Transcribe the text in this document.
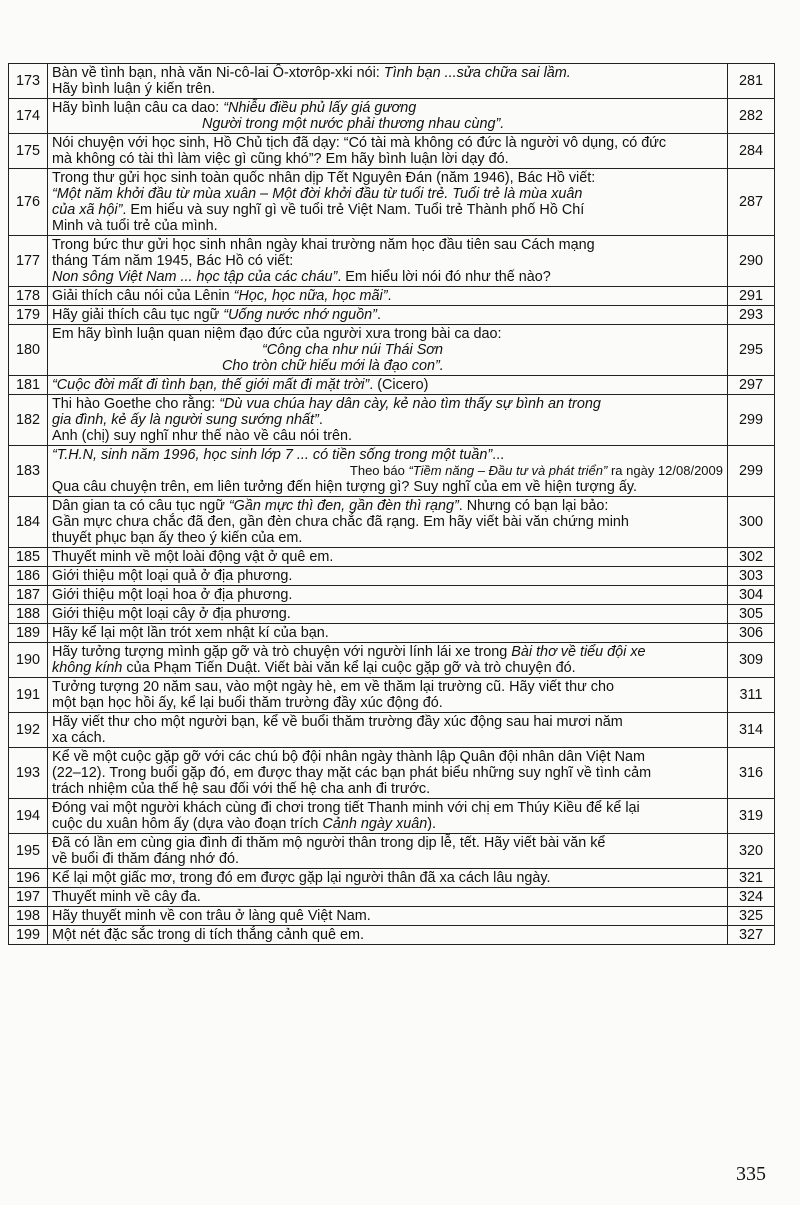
173	Bàn về tình bạn, nhà văn Ni-cô-lai Ô-xtơrôp-xki nói: Tình bạn ...sửa chữa sai lầm.
Hãy bình luận ý kiến trên.	281
174	Hãy bình luận câu ca dao: “Nhiễu điều phủ lấy giá gương
Người trong một nước phải thương nhau cùng”.	282
175	Nói chuyện với học sinh, Hồ Chủ tịch đã dạy: “Có tài mà không có đức là người vô dụng, có đức
mà không có tài thì làm việc gì cũng khó”? Em hãy bình luận lời dạy đó.	284
176	Trong thư gửi học sinh toàn quốc nhân dịp Tết Nguyên Đán (năm 1946), Bác Hồ viết:
“Một năm khởi đầu từ mùa xuân – Một đời khởi đầu từ tuổi trẻ. Tuổi trẻ là mùa xuân
của xã hội”. Em hiểu và suy nghĩ gì về tuổi trẻ Việt Nam. Tuổi trẻ Thành phố Hồ Chí
Minh và tuổi trẻ của mình.	287
177	Trong bức thư gửi học sinh nhân ngày khai trường năm học đầu tiên sau Cách mạng
tháng Tám năm 1945, Bác Hồ có viết:
Non sông Việt Nam ... học tập của các cháu”. Em hiểu lời nói đó như thế nào?	290
178	Giải thích câu nói của Lênin “Học, học nữa, học mãi”.	291
179	Hãy giải thích câu tục ngữ “Uống nước nhớ nguồn”.	293
180	Em hãy bình luận quan niệm đạo đức của người xưa trong bài ca dao:
“Công cha như núi Thái Sơn
Cho tròn chữ hiếu mới là đạo con”.	295
181	“Cuộc đời mất đi tình bạn, thế giới mất đi mặt trời”. (Cicero)	297
182	Thi hào Goethe cho rằng: “Dù vua chúa hay dân cày, kẻ nào tìm thấy sự bình an trong
gia đình, kẻ ấy là người sung sướng nhất”.
Anh (chị) suy nghĩ như thế nào về câu nói trên.	299
183	“T.H.N, sinh năm 1996, học sinh lớp 7 ... có tiền sống trong một tuần”...
Theo báo “Tiềm năng – Đầu tư và phát triển” ra ngày 12/08/2009
Qua câu chuyện trên, em liên tưởng đến hiện tượng gì? Suy nghĩ của em về hiện tượng ấy.	299
184	Dân gian ta có câu tục ngữ “Gần mực thì đen, gần đèn thì rạng”. Nhưng có bạn lại bảo:
Gần mực chưa chắc đã đen, gần đèn chưa chắc đã rạng. Em hãy viết bài văn chứng minh
thuyết phục bạn ấy theo ý kiến của em.	300
185	Thuyết minh về một loài động vật ở quê em.	302
186	Giới thiệu một loại quả ở địa phương.	303
187	Giới thiệu một loại hoa ở địa phương.	304
188	Giới thiệu một loại cây ở địa phương.	305
189	Hãy kể lại một lần trót xem nhật kí của bạn.	306
190	Hãy tưởng tượng mình gặp gỡ và trò chuyện với người lính lái xe trong Bài thơ về tiểu đội xe
không kính của Phạm Tiến Duật. Viết bài văn kể lại cuộc gặp gỡ và trò chuyện đó.	309
191	Tưởng tượng 20 năm sau, vào một ngày hè, em về thăm lại trường cũ. Hãy viết thư cho
một bạn học hồi ấy, kể lại buổi thăm trường đầy xúc động đó.	311
192	Hãy viết thư cho một người bạn, kể về buổi thăm trường đầy xúc động sau hai mươi năm
xa cách.	314
193	Kể về một cuộc gặp gỡ với các chú bộ đội nhân ngày thành lập Quân đội nhân dân Việt Nam
(22–12). Trong buổi gặp đó, em được thay mặt các bạn phát biểu những suy nghĩ về tình cảm
trách nhiệm của thế hệ sau đối với thế hệ cha anh đi trước.	316
194	Đóng vai một người khách cùng đi chơi trong tiết Thanh minh với chị em Thúy Kiều để kể lại
cuộc du xuân hôm ấy (dựa vào đoạn trích Cảnh ngày xuân).	319
195	Đã có lần em cùng gia đình đi thăm mộ người thân trong dịp lễ, tết. Hãy viết bài văn kể
về buổi đi thăm đáng nhớ đó.	320
196	Kể lại một giấc mơ, trong đó em được gặp lại người thân đã xa cách lâu ngày.	321
197	Thuyết minh về cây đa.	324
198	Hãy thuyết minh về con trâu ở làng quê Việt Nam.	325
199	Một nét đặc sắc trong di tích thắng cảnh quê em.	327
335
